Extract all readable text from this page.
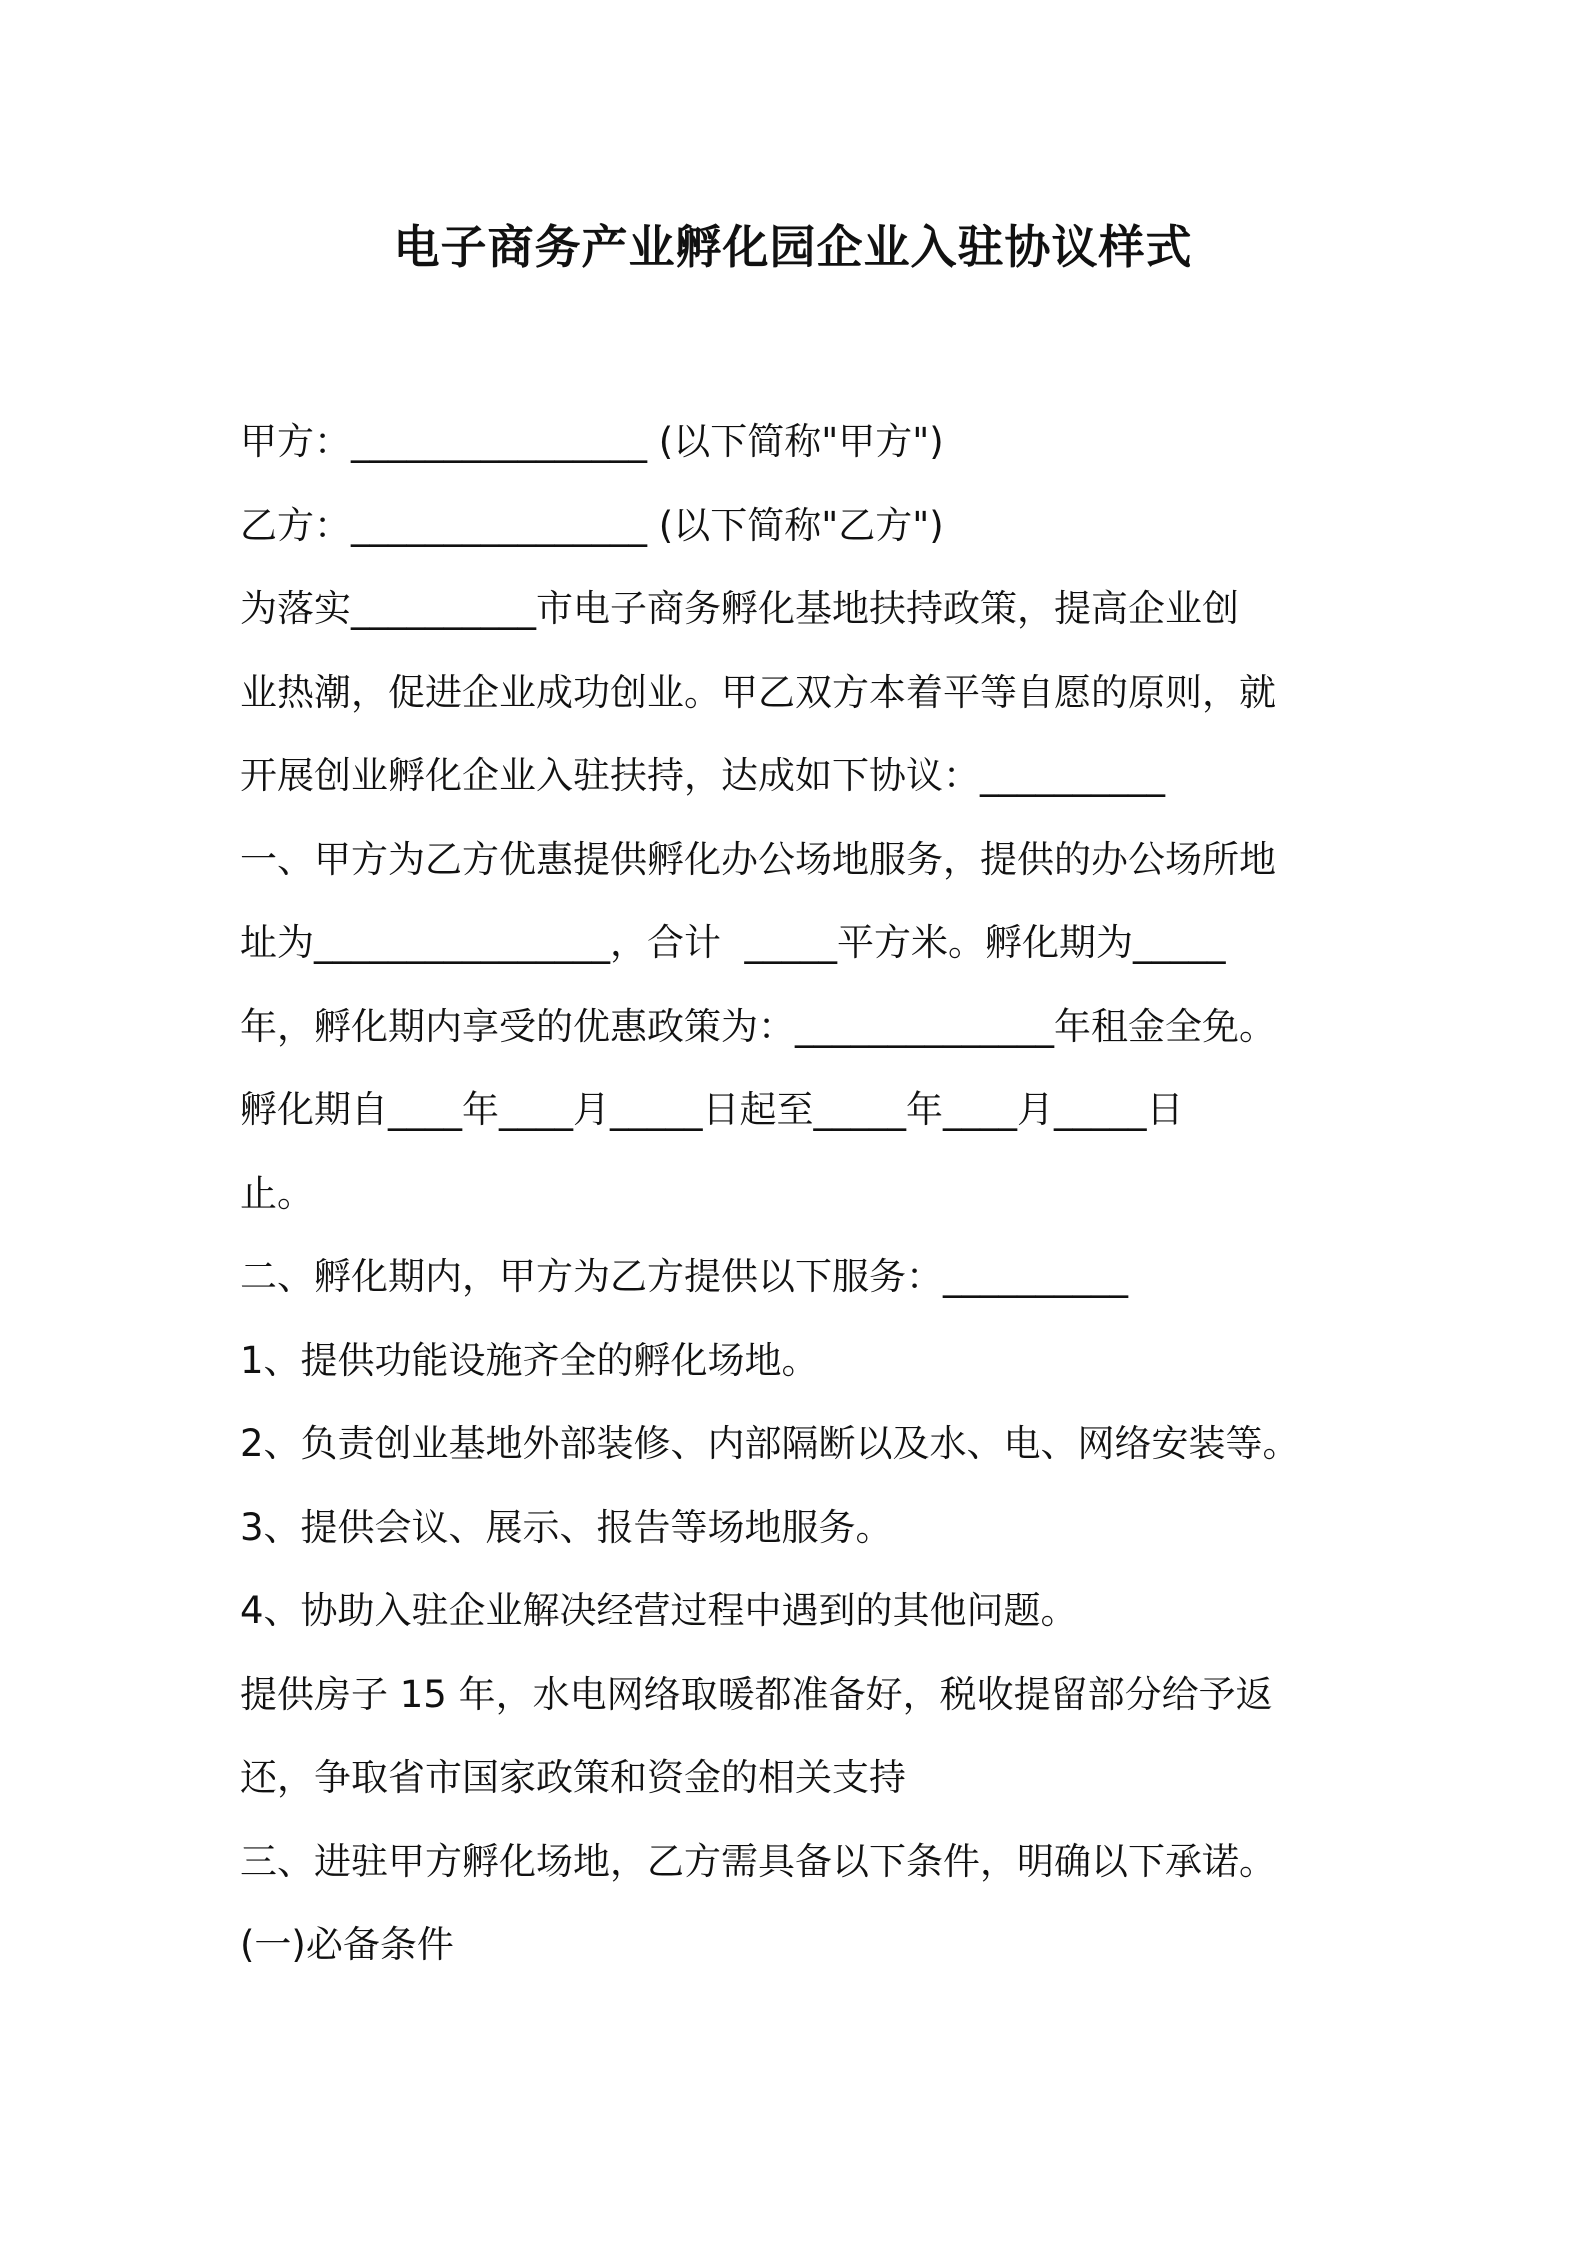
电子商务产业孵化园企业入驻协议样式

甲方：________________ (以下简称"甲方")

乙方：________________ (以下简称"乙方")

为落实__________市电子商务孵化基地扶持政策，提高企业创

业热潮，促进企业成功创业。甲乙双方本着平等自愿的原则，就

开展创业孵化企业入驻扶持，达成如下协议：__________

一、甲方为乙方优惠提供孵化办公场地服务，提供的办公场所地

址为________________，合计  _____平方米。孵化期为_____

年，孵化期内享受的优惠政策为：______________年租金全免。

孵化期自____年____月_____日起至_____年____月_____日

止。

二、孵化期内，甲方为乙方提供以下服务：__________

1、提供功能设施齐全的孵化场地。

2、负责创业基地外部装修、内部隔断以及水、电、网络安装等。

3、提供会议、展示、报告等场地服务。

4、协助入驻企业解决经营过程中遇到的其他问题。

提供房子 15 年，水电网络取暖都准备好，税收提留部分给予返

还，争取省市国家政策和资金的相关支持

三、进驻甲方孵化场地，乙方需具备以下条件，明确以下承诺。

(一)必备条件
